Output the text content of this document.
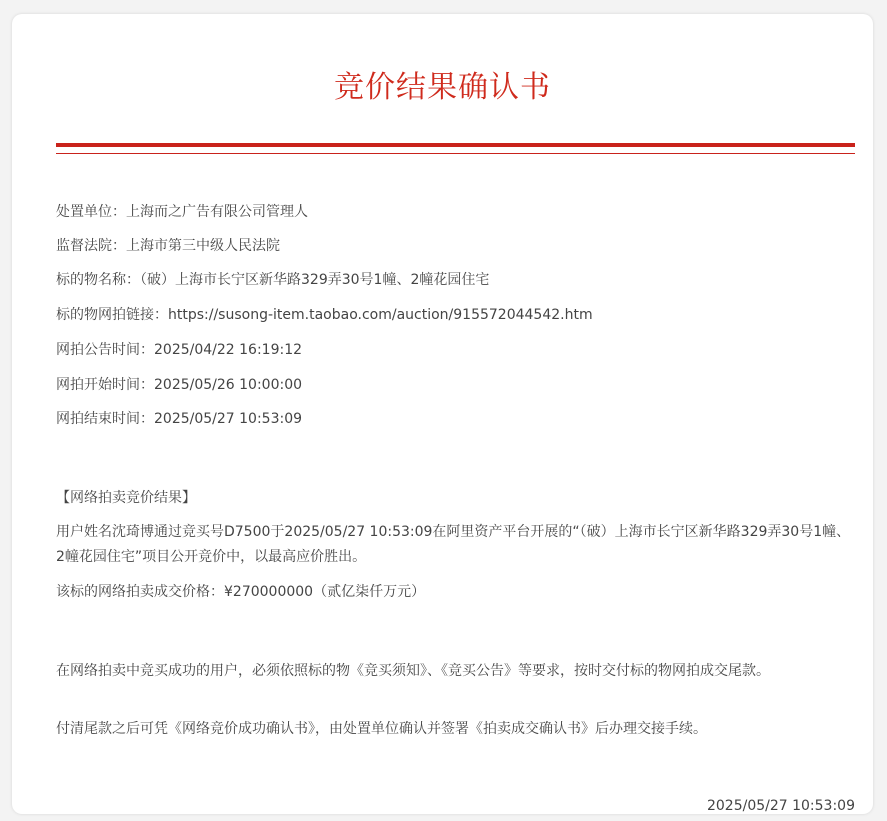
竞价结果确认书
处置单位：上海而之广告有限公司管理人
监督法院：上海市第三中级人民法院
标的物名称：（破）上海市长宁区新华路329弄30号1幢、2幢花园住宅
标的物网拍链接：https://susong-item.taobao.com/auction/915572044542.htm
网拍公告时间：2025/04/22 16:19:12
网拍开始时间：2025/05/26 10:00:00
网拍结束时间：2025/05/27 10:53:09
【网络拍卖竞价结果】
用户姓名沈琦博通过竞买号D7500于2025/05/27 10:53:09在阿里资产平台开展的“（破）上海市长宁区新华路329弄30号1幢、2幢花园住宅”项目公开竞价中，以最高应价胜出。
该标的网络拍卖成交价格：¥270000000（贰亿柒仟万元）
在网络拍卖中竞买成功的用户，必须依照标的物《竞买须知》、《竞买公告》等要求，按时交付标的物网拍成交尾款。
付清尾款之后可凭《网络竞价成功确认书》，由处置单位确认并签署《拍卖成交确认书》后办理交接手续。
2025/05/27 10:53:09
